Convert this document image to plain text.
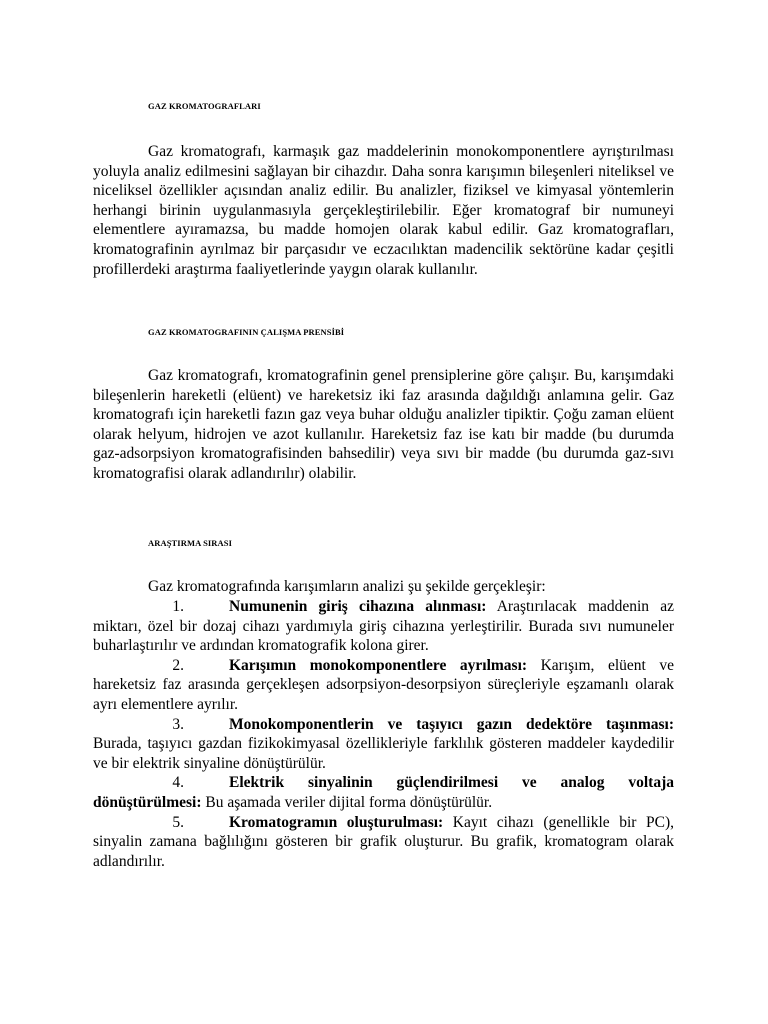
GAZ KROMATOGRAFLARI

Gaz kromatografı, karmaşık gaz maddelerinin monokomponentlere ayrıştırılması yoluyla analiz edilmesini sağlayan bir cihazdır. Daha sonra karışımın bileşenleri niteliksel ve niceliksel özellikler açısından analiz edilir. Bu analizler, fiziksel ve kimyasal yöntemlerin herhangi birinin uygulanmasıyla gerçekleştirilebilir. Eğer kromatograf bir numuneyi elementlere ayıramazsa, bu madde homojen olarak kabul edilir. Gaz kromatografları, kromatografinin ayrılmaz bir parçasıdır ve eczacılıktan madencilik sektörüne kadar çeşitli profillerdeki araştırma faaliyetlerinde yaygın olarak kullanılır.

GAZ KROMATOGRAFININ ÇALIŞMA PRENSİBİ

Gaz kromatografı, kromatografinin genel prensiplerine göre çalışır. Bu, karışımdaki bileşenlerin hareketli (elüent) ve hareketsiz iki faz arasında dağıldığı anlamına gelir. Gaz kromatografı için hareketli fazın gaz veya buhar olduğu analizler tipiktir. Çoğu zaman elüent olarak helyum, hidrojen ve azot kullanılır. Hareketsiz faz ise katı bir madde (bu durumda gaz-adsorpsiyon kromatografisinden bahsedilir) veya sıvı bir madde (bu durumda gaz-sıvı kromatografisi olarak adlandırılır) olabilir.

ARAŞTIRMA SIRASI

Gaz kromatografında karışımların analizi şu şekilde gerçekleşir:

1.	Numunenin giriş cihazına alınması: Araştırılacak maddenin az miktarı, özel bir dozaj cihazı yardımıyla giriş cihazına yerleştirilir. Burada sıvı numuneler buharlaştırılır ve ardından kromatografik kolona girer.

2.	Karışımın monokomponentlere ayrılması: Karışım, elüent ve hareketsiz faz arasında gerçekleşen adsorpsiyon-desorpsiyon süreçleriyle eşzamanlı olarak ayrı elementlere ayrılır.

3.	Monokomponentlerin ve taşıyıcı gazın dedektöre taşınması: Burada, taşıyıcı gazdan fizikokimyasal özellikleriyle farklılık gösteren maddeler kaydedilir ve bir elektrik sinyaline dönüştürülür.

4.	Elektrik sinyalinin güçlendirilmesi ve analog voltaja dönüştürülmesi: Bu aşamada veriler dijital forma dönüştürülür.

5.	Kromatogramın oluşturulması: Kayıt cihazı (genellikle bir PC), sinyalin zamana bağlılığını gösteren bir grafik oluşturur. Bu grafik, kromatogram olarak adlandırılır.
